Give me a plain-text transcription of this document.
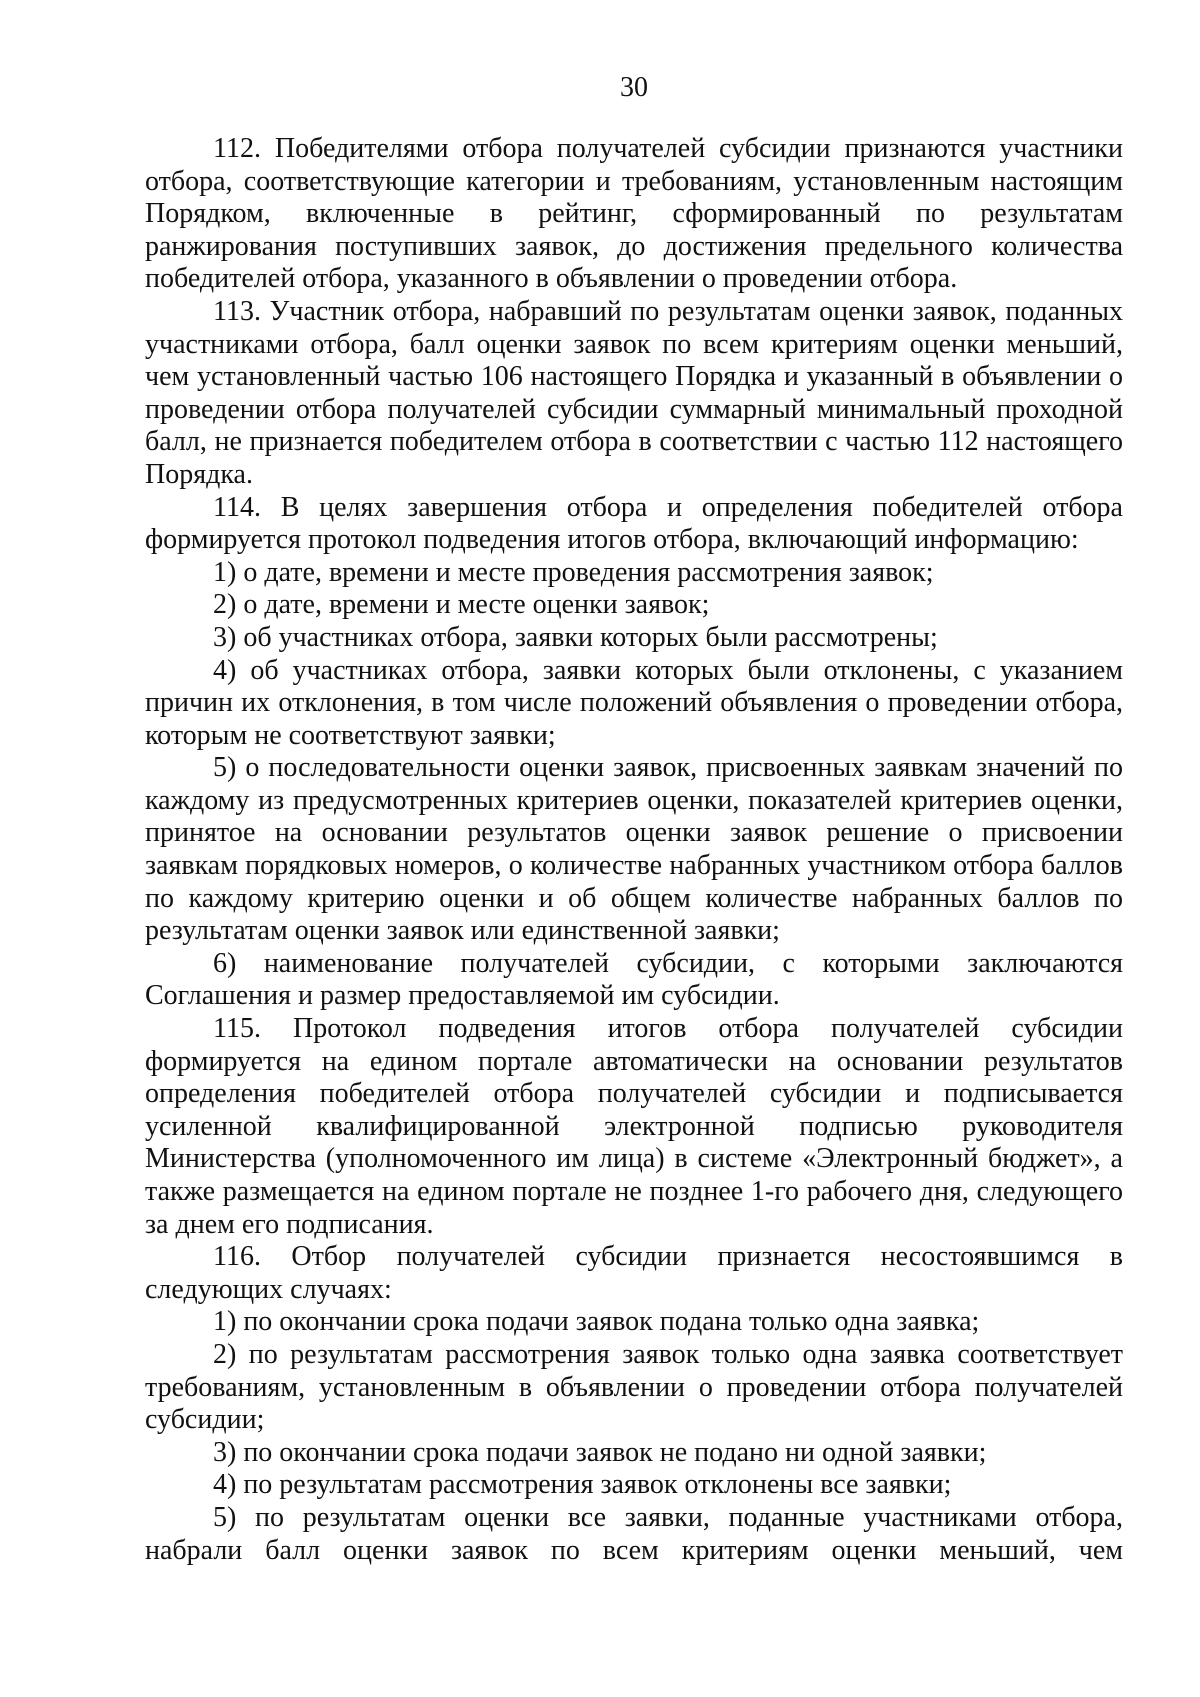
30

112. Победителями отбора получателей субсидии признаются участники отбора, соответствующие категории и требованиям, установленным настоящим Порядком, включенные в рейтинг, сформированный по результатам ранжирования поступивших заявок, до достижения предельного количества победителей отбора, указанного в объявлении о проведении отбора.

113. Участник отбора, набравший по результатам оценки заявок, поданных участниками отбора, балл оценки заявок по всем критериям оценки меньший, чем установленный частью 106 настоящего Порядка и указанный в объявлении о проведении отбора получателей субсидии суммарный минимальный проходной балл, не признается победителем отбора в соответствии с частью 112 настоящего Порядка.

114. В целях завершения отбора и определения победителей отбора формируется протокол подведения итогов отбора, включающий информацию:

1) о дате, времени и месте проведения рассмотрения заявок;

2) о дате, времени и месте оценки заявок;

3) об участниках отбора, заявки которых были рассмотрены;

4) об участниках отбора, заявки которых были отклонены, с указанием причин их отклонения, в том числе положений объявления о проведении отбора, которым не соответствуют заявки;

5) о последовательности оценки заявок, присвоенных заявкам значений по каждому из предусмотренных критериев оценки, показателей критериев оценки, принятое на основании результатов оценки заявок решение о присвоении заявкам порядковых номеров, о количестве набранных участником отбора баллов по каждому критерию оценки и об общем количестве набранных баллов по результатам оценки заявок или единственной заявки;

6) наименование получателей субсидии, с которыми заключаются Соглашения и размер предоставляемой им субсидии.

115. Протокол подведения итогов отбора получателей субсидии формируется на едином портале автоматически на основании результатов определения победителей отбора получателей субсидии и подписывается усиленной квалифицированной электронной подписью руководителя Министерства (уполномоченного им лица) в системе «Электронный бюджет», а также размещается на едином портале не позднее 1-го рабочего дня, следующего за днем его подписания.

116. Отбор получателей субсидии признается несостоявшимся в следующих случаях:

1) по окончании срока подачи заявок подана только одна заявка;

2) по результатам рассмотрения заявок только одна заявка соответствует требованиям, установленным в объявлении о проведении отбора получателей субсидии;

3) по окончании срока подачи заявок не подано ни одной заявки;

4) по результатам рассмотрения заявок отклонены все заявки;

5) по результатам оценки все заявки, поданные участниками отбора, набрали балл оценки заявок по всем критериям оценки меньший, чем
